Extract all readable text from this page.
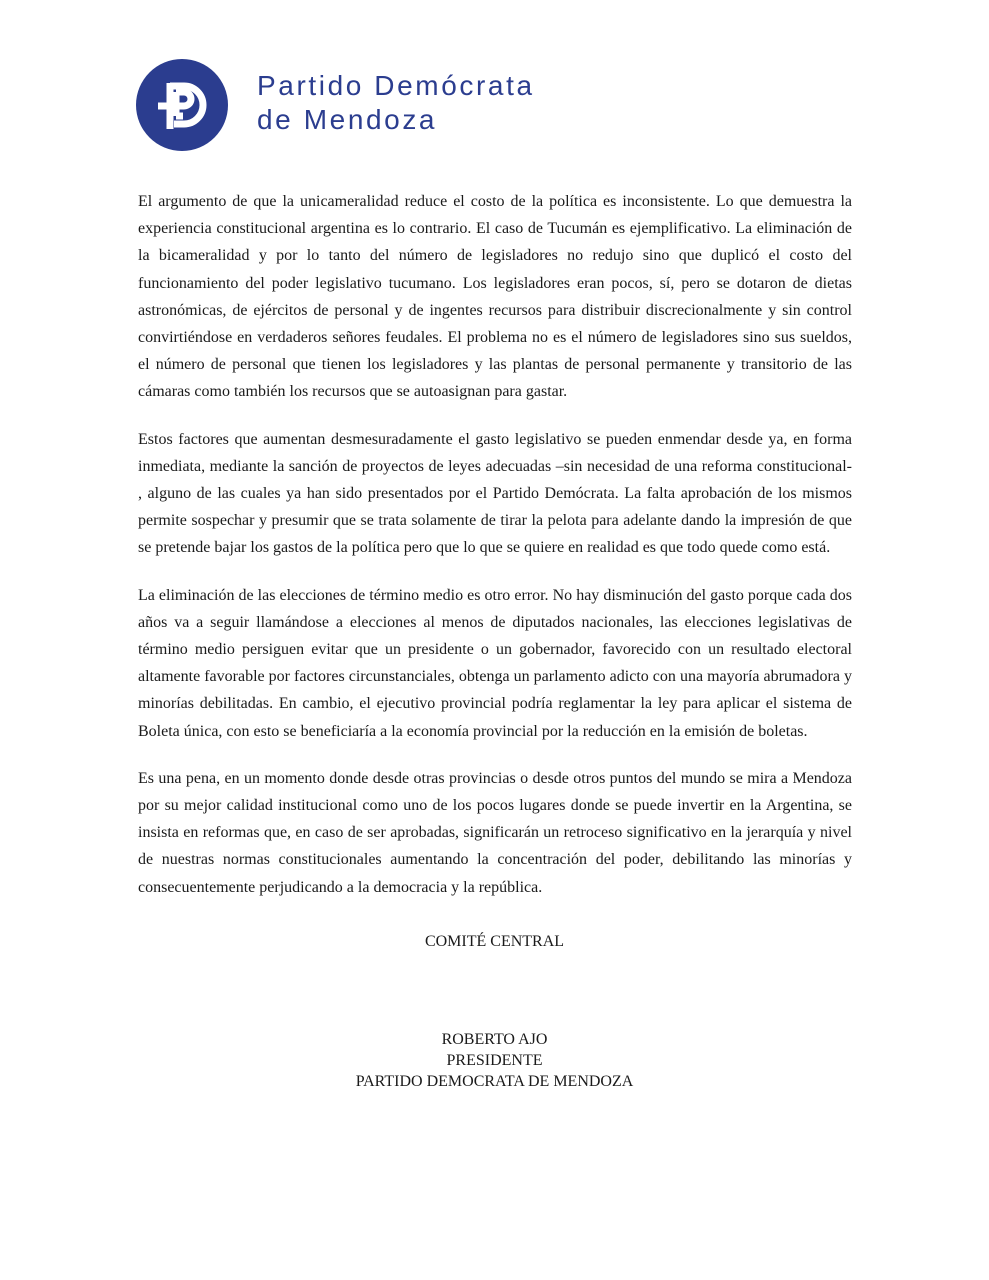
Partido Demócrata
de Mendoza

El argumento de que la unicameralidad reduce el costo de la política es inconsistente. Lo que demuestra la experiencia constitucional argentina es lo contrario. El caso de Tucumán es ejemplificativo. La eliminación de la bicameralidad y por lo tanto del número de legisladores no redujo sino que duplicó el costo del funcionamiento del poder legislativo tucumano. Los legisladores eran pocos, sí, pero se dotaron de dietas astronómicas, de ejércitos de personal y de ingentes recursos para distribuir discrecionalmente y sin control convirtiéndose en verdaderos señores feudales. El problema no es el número de legisladores sino sus sueldos, el número de personal que tienen los legisladores y las plantas de personal permanente y transitorio de las cámaras como también los recursos que se autoasignan para gastar.

Estos factores que aumentan desmesuradamente el gasto legislativo se pueden enmendar desde ya, en forma inmediata, mediante la sanción de proyectos de leyes adecuadas –sin necesidad de una reforma constitucional- , alguno de las cuales ya han sido presentados por el Partido Demócrata. La falta aprobación de los mismos permite sospechar y presumir que se trata solamente de tirar la pelota para adelante dando la impresión de que se pretende bajar los gastos de la política pero que lo que se quiere en realidad es que todo quede como está.

La eliminación de las elecciones de término medio es otro error. No hay disminución del gasto porque cada dos años va a seguir llamándose a elecciones al menos de diputados nacionales, las elecciones legislativas de término medio persiguen evitar que un presidente o un gobernador, favorecido con un resultado electoral altamente favorable por factores circunstanciales, obtenga un parlamento adicto con una mayoría abrumadora y minorías debilitadas. En cambio, el ejecutivo provincial podría reglamentar la ley para aplicar el sistema de Boleta única, con esto se beneficiaría a la economía provincial por la reducción en la emisión de boletas.

Es una pena, en un momento donde desde otras provincias o desde otros puntos del mundo se mira a Mendoza por su mejor calidad institucional como uno de los pocos lugares donde se puede invertir en la Argentina, se insista en reformas que, en caso de ser aprobadas, significarán un retroceso significativo en la jerarquía y nivel de nuestras normas constitucionales aumentando la concentración del poder, debilitando las minorías y consecuentemente perjudicando a la democracia y la república.

COMITÉ CENTRAL
ROBERTO AJO
PRESIDENTE
PARTIDO DEMOCRATA DE MENDOZA
